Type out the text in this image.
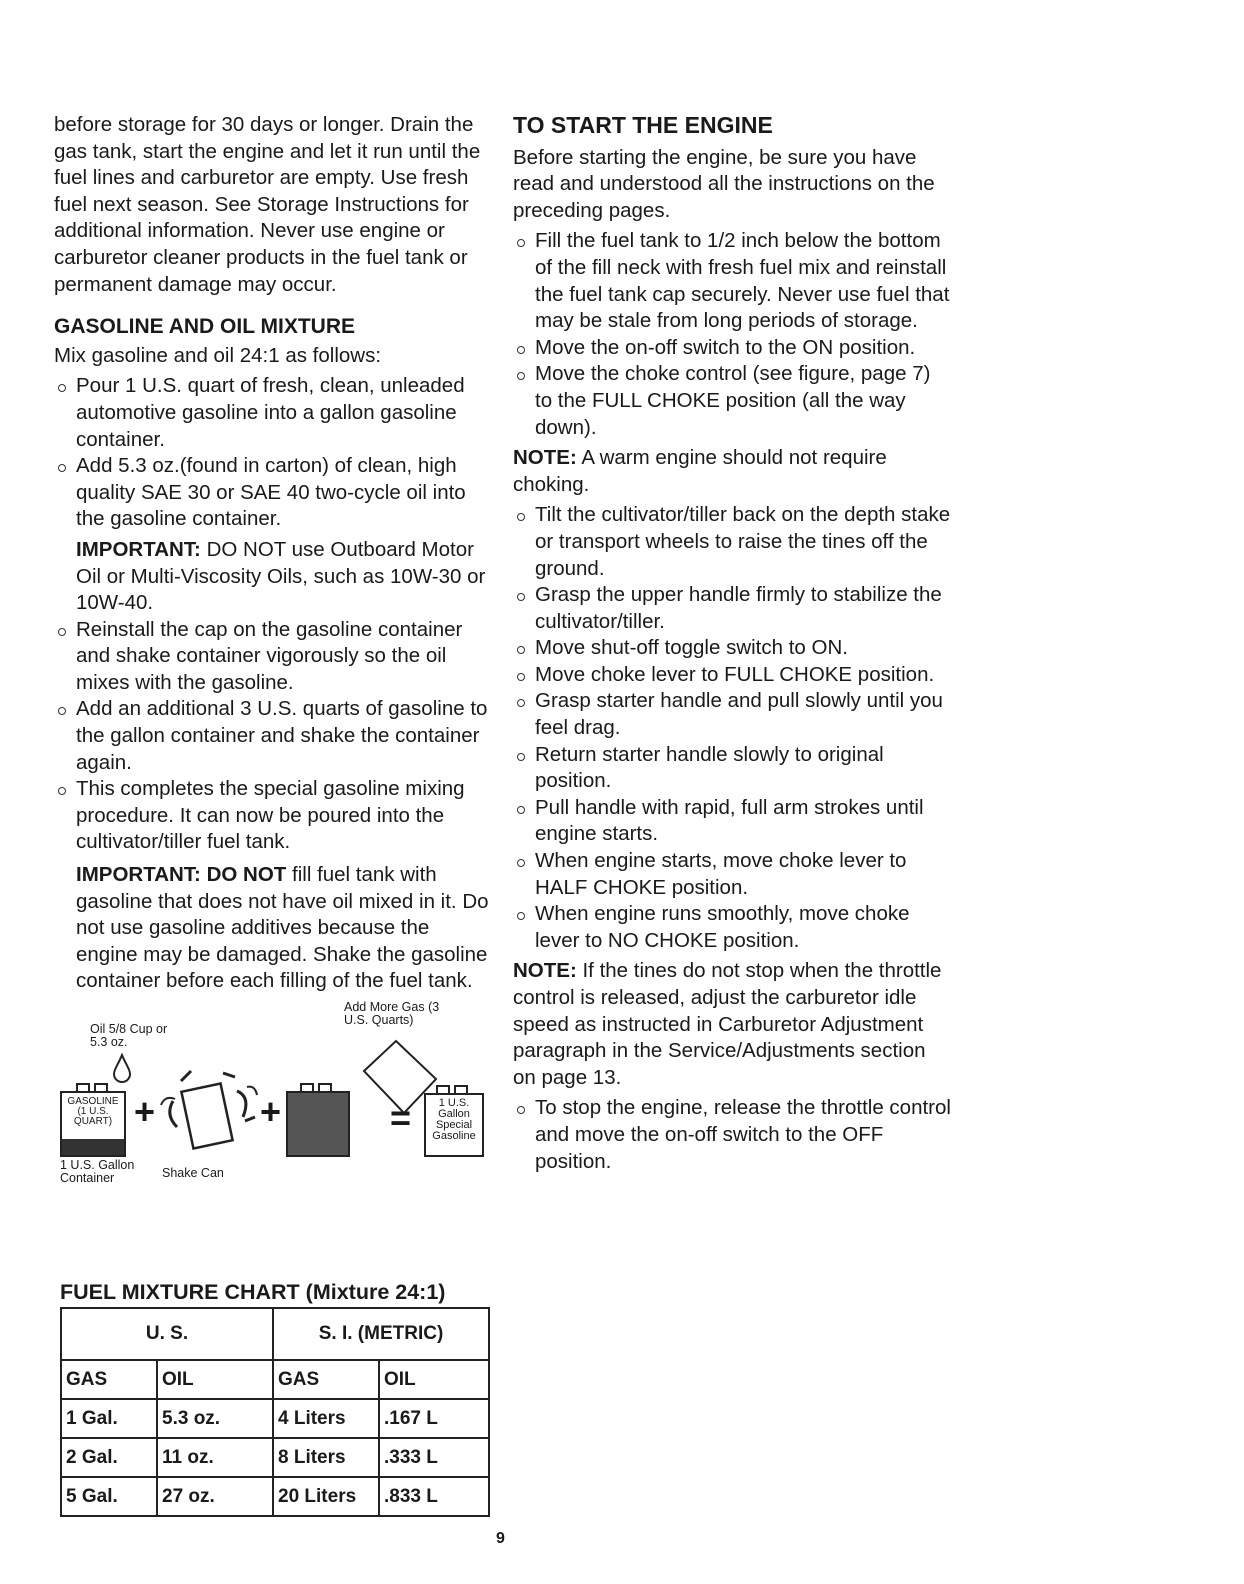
before storage for 30 days or longer. Drain the gas tank, start the engine and let it run until the fuel lines and carburetor are empty. Use fresh fuel next season. See Storage Instructions for additional information. Never use engine or carburetor cleaner products in the fuel tank or permanent damage may occur.

GASOLINE AND OIL MIXTURE

Mix gasoline and oil 24:1 as follows:

Pour 1 U.S. quart of fresh, clean, unleaded automotive gasoline into a gallon gasoline container.
Add 5.3 oz.(found in carton) of clean, high quality SAE 30 or SAE 40 two-cycle oil into the gasoline container.
IMPORTANT: DO NOT use Outboard Motor Oil or Multi-Viscosity Oils, such as 10W-30 or 10W-40.
Reinstall the cap on the gasoline container and shake container vigorously so the oil mixes with the gasoline.
Add an additional 3 U.S. quarts of gasoline to the gallon container and shake the container again.
This completes the special gasoline mixing procedure. It can now be poured into the cultivator/tiller fuel tank.
IMPORTANT: DO NOT fill fuel tank with gasoline that does not have oil mixed in it. Do not use gasoline additives because the engine may be damaged. Shake the gasoline container before each filling of the fuel tank.
Oil 5/8 Cup or 5.3 oz.
Add More Gas (3 U.S. Quarts)
GASOLINE (1 U.S. QUART)
1 U.S. Gallon Container
+
Shake Can
+	=	1 U.S. Gallon Special Gasoline
FUEL MIXTURE CHART (Mixture 24:1)
U. S.		S. I. (METRIC)	
GAS	OIL	GAS	OIL
1 Gal.	5.3 oz.	4 Liters	.167 L
2 Gal.	11 oz.	8 Liters	.333 L
5 Gal.	27 oz.	20 Liters	.833 L
TO START THE ENGINE

Before starting the engine, be sure you have read and understood all the instructions on the preceding pages.

Fill the fuel tank to 1/2 inch below the bottom of the fill neck with fresh fuel mix and reinstall the fuel tank cap securely. Never use fuel that may be stale from long periods of storage.
Move the on-off switch to the ON position.
Move the choke control (see figure, page 7) to the FULL CHOKE position (all the way down).

NOTE: A warm engine should not require choking.

Tilt the cultivator/tiller back on the depth stake or transport wheels to raise the tines off the ground.
Grasp the upper handle firmly to stabilize the cultivator/tiller.
Move shut-off toggle switch to ON.
Move choke lever to FULL CHOKE position.
Grasp starter handle and pull slowly until you feel drag.
Return starter handle slowly to original position.
Pull handle with rapid, full arm strokes until engine starts.
When engine starts, move choke lever to HALF CHOKE position.
When engine runs smoothly, move choke lever to NO CHOKE position.

NOTE: If the tines do not stop when the throttle control is released, adjust the carburetor idle speed as instructed in Carburetor Adjustment paragraph in the Service/Adjustments section on page 13.

To stop the engine, release the throttle control and move the on-off switch to the OFF position.
9
